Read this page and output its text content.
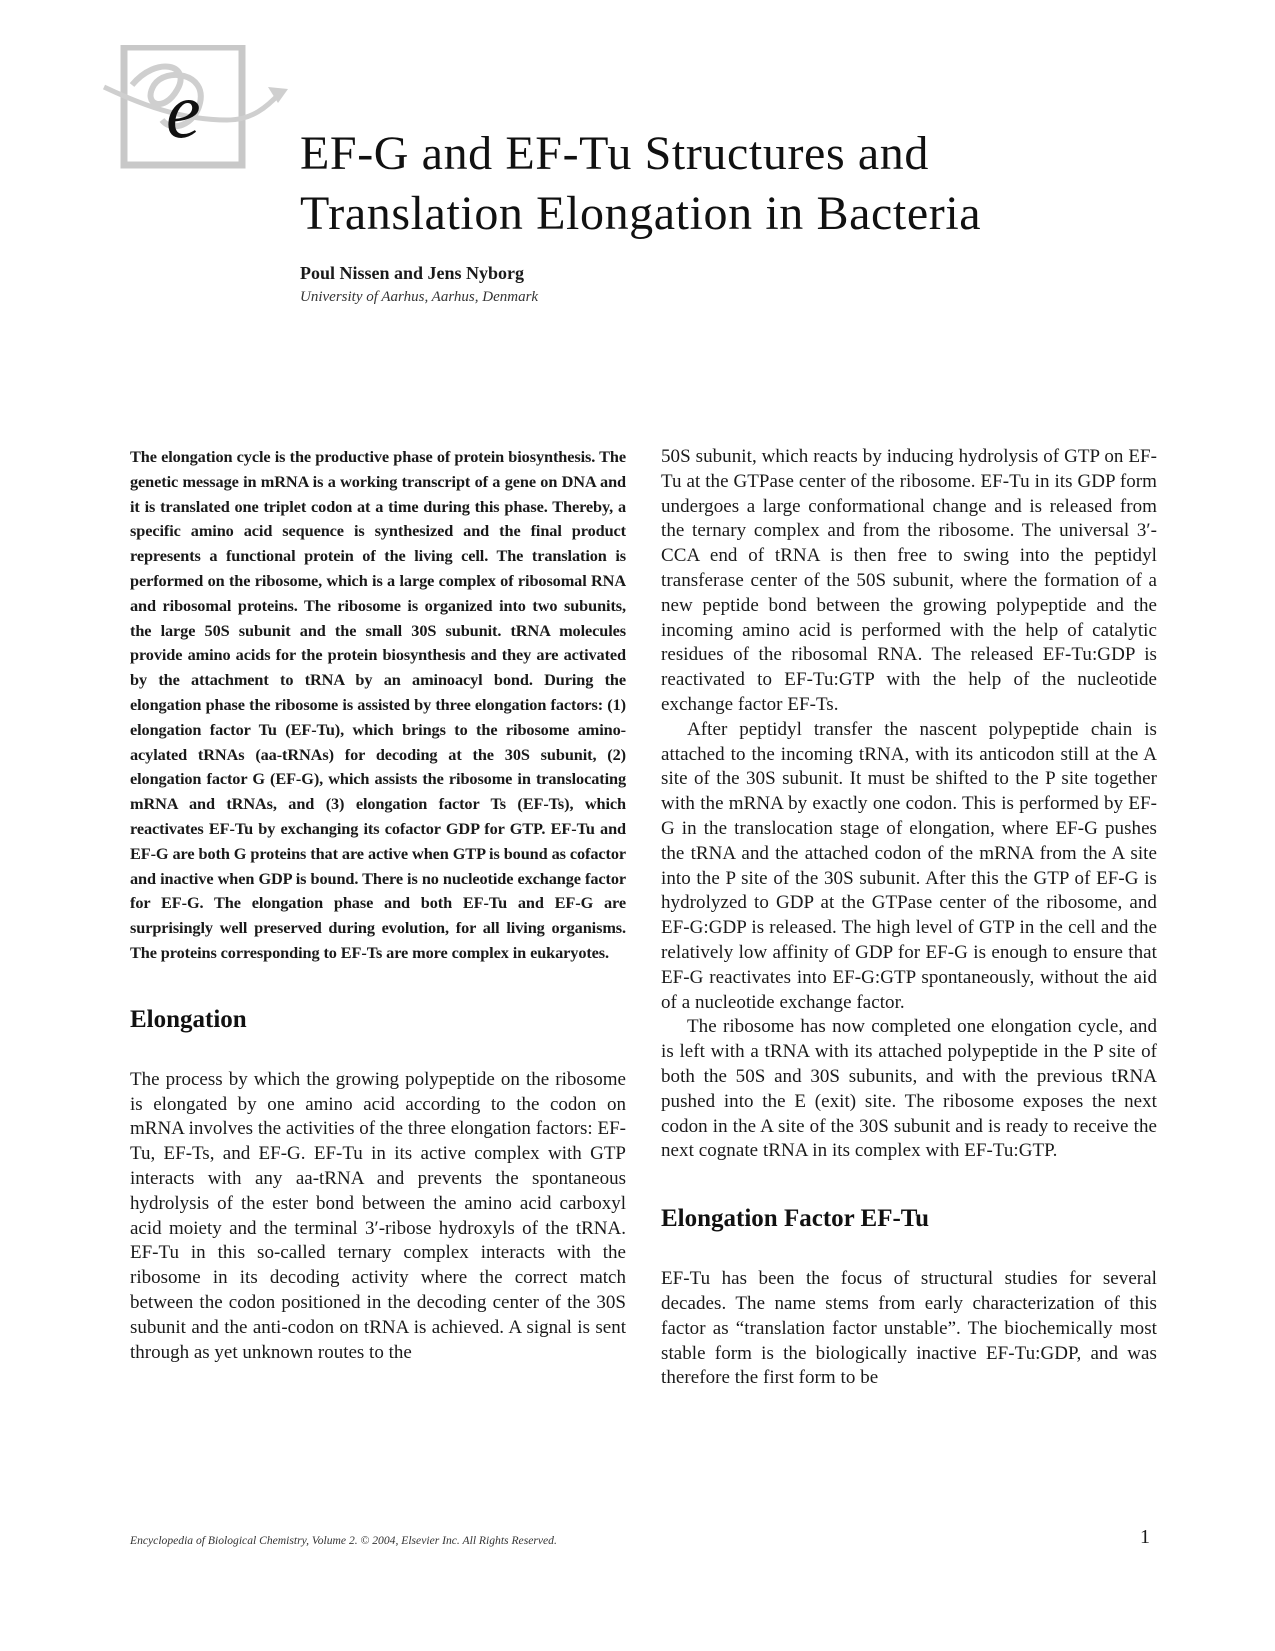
e EF-G and EF-Tu Structures and
Translation Elongation in Bacteria

Poul Nissen and Jens Nyborg

University of Aarhus, Aarhus, Denmark

The elongation cycle is the productive phase of protein biosynthesis. The genetic message in mRNA is a working transcript of a gene on DNA and it is translated one triplet codon at a time during this phase. Thereby, a specific amino acid sequence is synthesized and the final product represents a functional protein of the living cell. The translation is performed on the ribosome, which is a large complex of ribosomal RNA and ribosomal proteins. The ribosome is organized into two subunits, the large 50S subunit and the small 30S subunit. tRNA molecules provide amino acids for the protein biosynthesis and they are activated by the attachment to tRNA by an aminoacyl bond. During the elongation phase the ribosome is assisted by three elongation factors: (1) elongation factor Tu (EF-Tu), which brings to the ribosome amino-acylated tRNAs (aa-tRNAs) for decoding at the 30S subunit, (2) elongation factor G (EF-G), which assists the ribosome in translocating mRNA and tRNAs, and (3) elongation factor Ts (EF-Ts), which reactivates EF-Tu by exchanging its cofactor GDP for GTP. EF-Tu and EF-G are both G proteins that are active when GTP is bound as cofactor and inactive when GDP is bound. There is no nucleotide exchange factor for EF-G. The elongation phase and both EF-Tu and EF-G are surprisingly well preserved during evolution, for all living organisms. The proteins corresponding to EF-Ts are more complex in eukaryotes.

Elongation

The process by which the growing polypeptide on the ribosome is elongated by one amino acid according to the codon on mRNA involves the activities of the three elongation factors: EF-Tu, EF-Ts, and EF-G. EF-Tu in its active complex with GTP interacts with any aa-tRNA and prevents the spontaneous hydrolysis of the ester bond between the amino acid carboxyl acid moiety and the terminal 3′-ribose hydroxyls of the tRNA. EF-Tu in this so-called ternary complex interacts with the ribosome in its decoding activity where the correct match between the codon positioned in the decoding center of the 30S subunit and the anti-codon on tRNA is achieved. A signal is sent through as yet unknown routes to the

50S subunit, which reacts by inducing hydrolysis of GTP on EF-Tu at the GTPase center of the ribosome. EF-Tu in its GDP form undergoes a large conformational change and is released from the ternary complex and from the ribosome. The universal 3′-CCA end of tRNA is then free to swing into the peptidyl transferase center of the 50S subunit, where the formation of a new peptide bond between the growing polypeptide and the incoming amino acid is performed with the help of catalytic residues of the ribosomal RNA. The released EF-Tu:GDP is reactivated to EF-Tu:GTP with the help of the nucleotide exchange factor EF-Ts.

After peptidyl transfer the nascent polypeptide chain is attached to the incoming tRNA, with its anticodon still at the A site of the 30S subunit. It must be shifted to the P site together with the mRNA by exactly one codon. This is performed by EF-G in the translocation stage of elongation, where EF-G pushes the tRNA and the attached codon of the mRNA from the A site into the P site of the 30S subunit. After this the GTP of EF-G is hydrolyzed to GDP at the GTPase center of the ribosome, and EF-G:GDP is released. The high level of GTP in the cell and the relatively low affinity of GDP for EF-G is enough to ensure that EF-G reactivates into EF-G:GTP spontaneously, without the aid of a nucleotide exchange factor.

The ribosome has now completed one elongation cycle, and is left with a tRNA with its attached polypeptide in the P site of both the 50S and 30S subunits, and with the previous tRNA pushed into the E (exit) site. The ribosome exposes the next codon in the A site of the 30S subunit and is ready to receive the next cognate tRNA in its complex with EF-Tu:GTP.

Elongation Factor EF-Tu

EF-Tu has been the focus of structural studies for several decades. The name stems from early characterization of this factor as “translation factor unstable”. The biochemically most stable form is the biologically inactive EF-Tu:GDP, and was therefore the first form to be

Encyclopedia of Biological Chemistry, Volume 2. © 2004, Elsevier Inc. All Rights Reserved.	1
